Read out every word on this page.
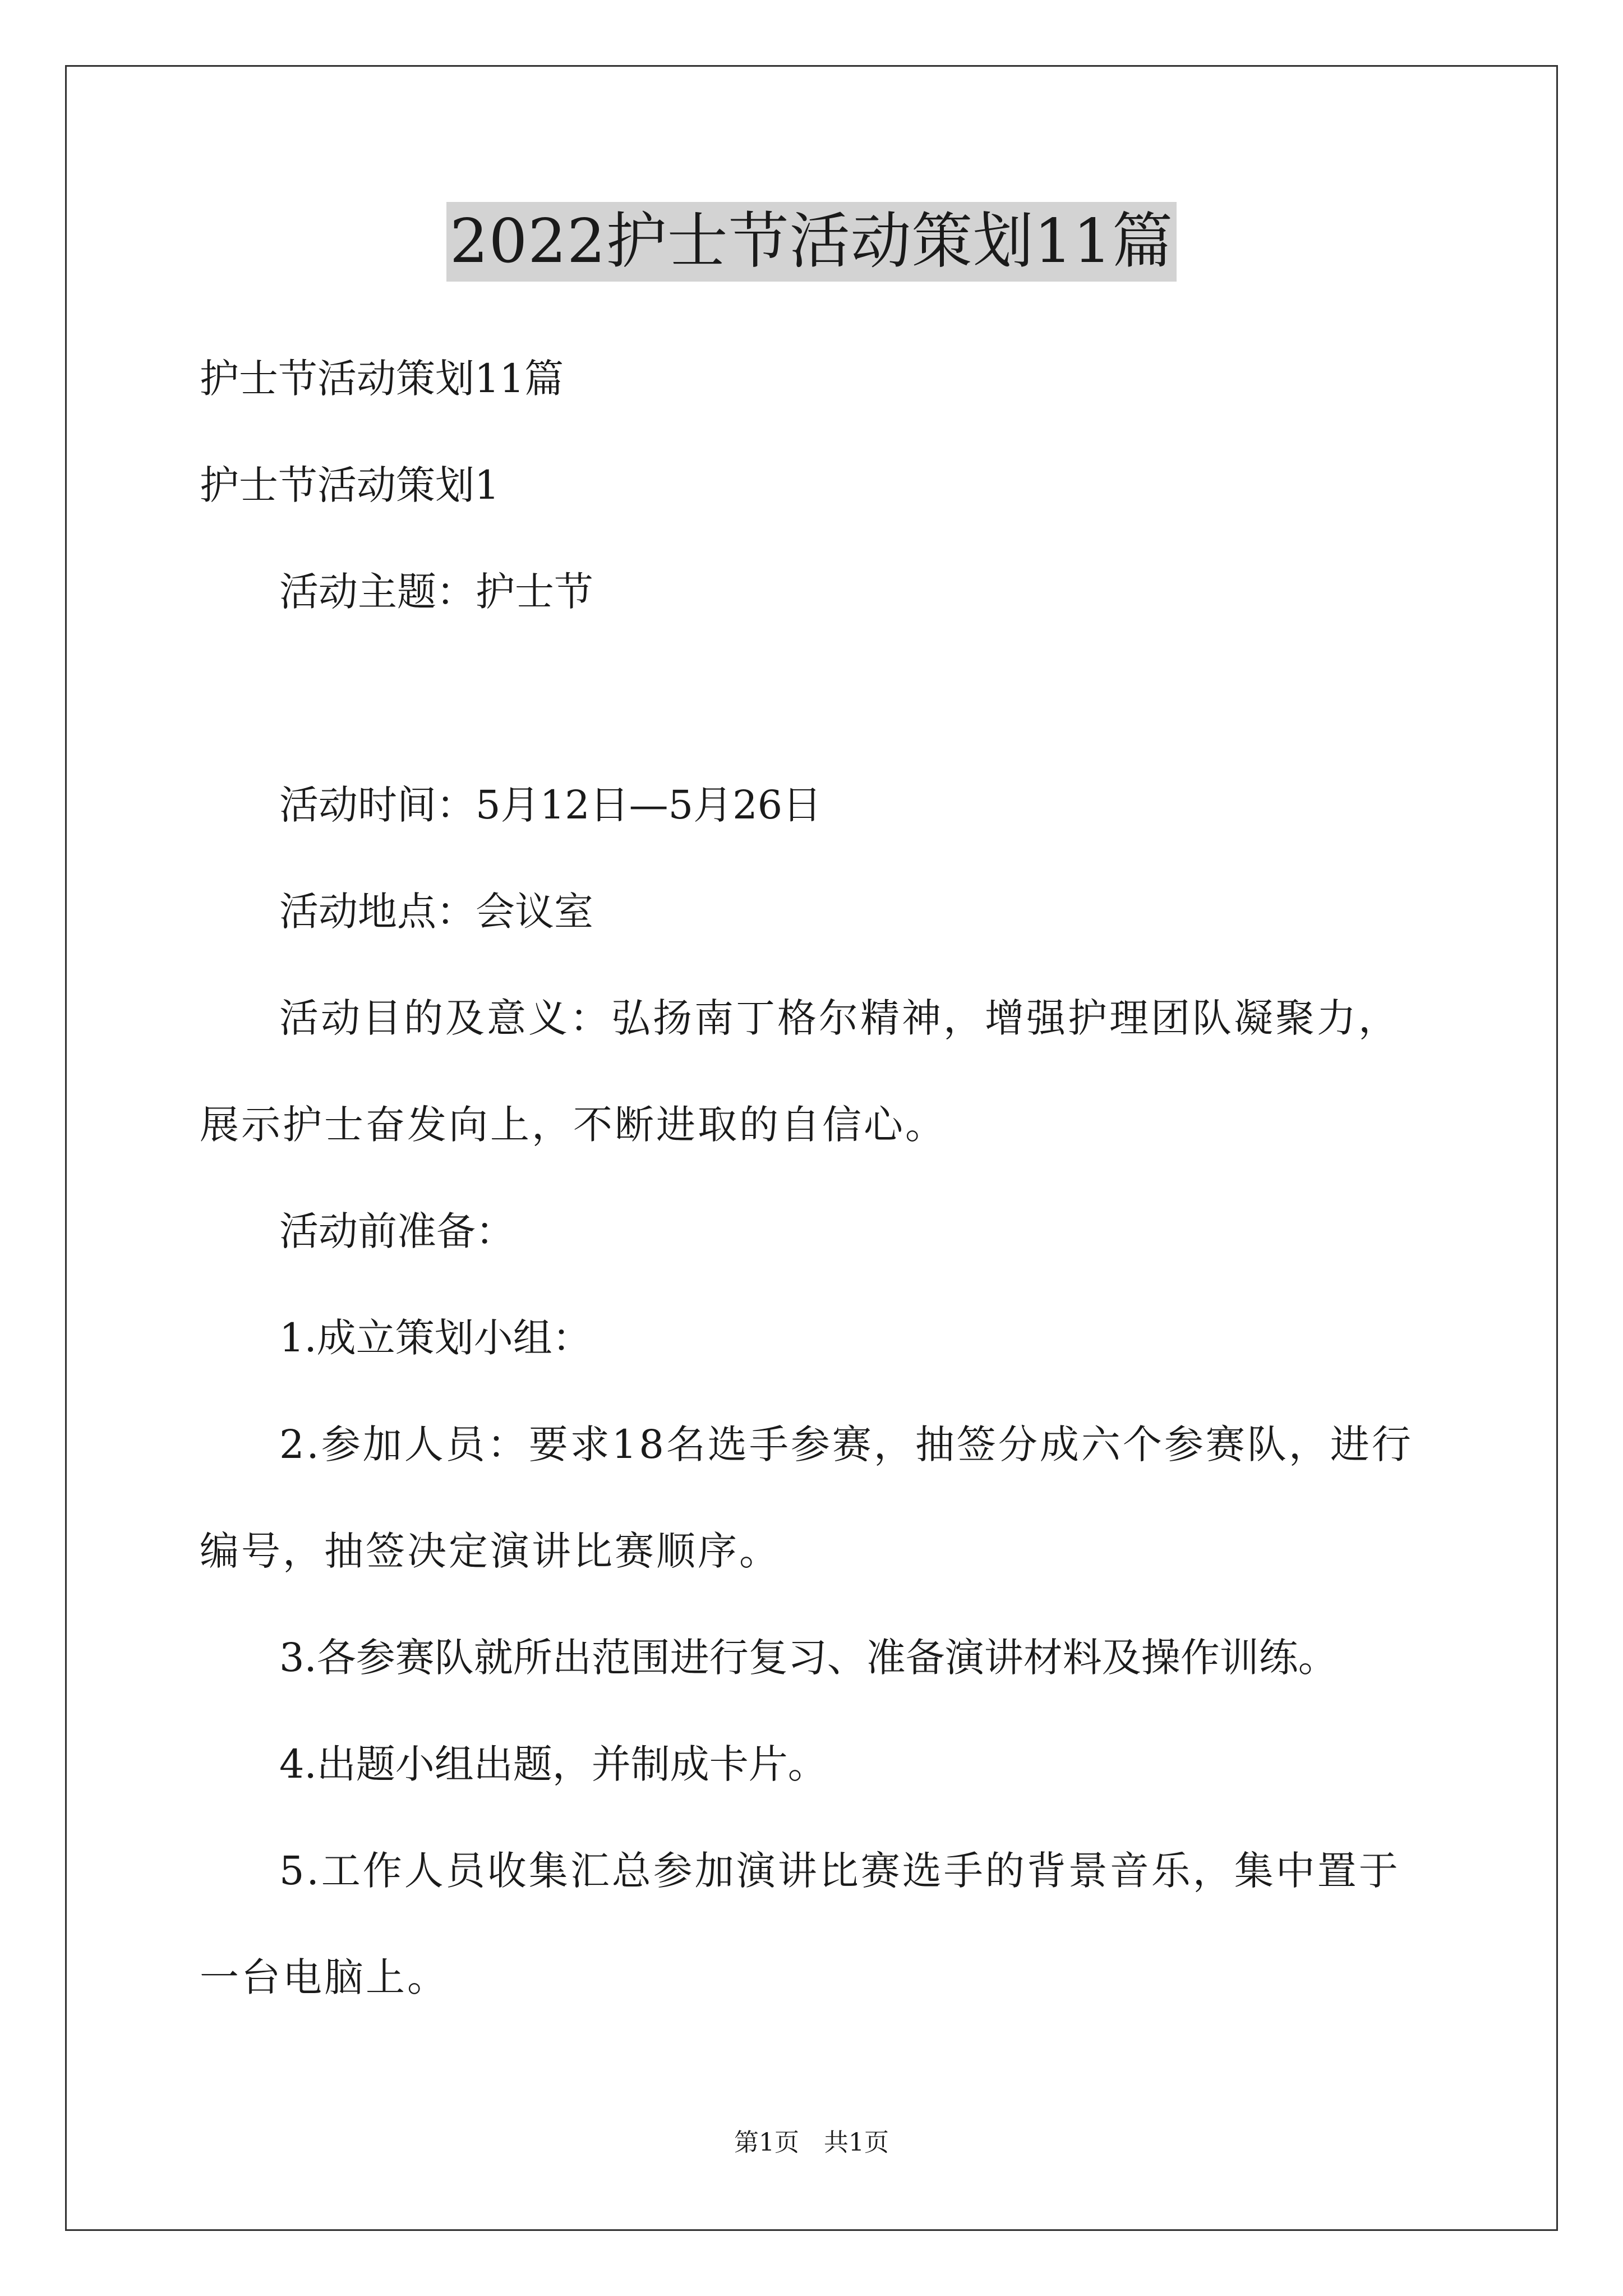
2022护士节活动策划11篇

护士节活动策划11篇

护士节活动策划1

活动主题：护士节

活动时间：5月12日—5月26日

活动地点：会议室

活动目的及意义：弘扬南丁格尔精神，增强护理团队凝聚力，展示护士奋发向上，不断进取的自信心。

活动前准备：

1.成立策划小组：

2.参加人员：要求18名选手参赛，抽签分成六个参赛队，进行编号，抽签决定演讲比赛顺序。

3.各参赛队就所出范围进行复习、准备演讲材料及操作训练。

4.出题小组出题，并制成卡片。

5.工作人员收集汇总参加演讲比赛选手的背景音乐，集中置于一台电脑上。

第1页　共1页
